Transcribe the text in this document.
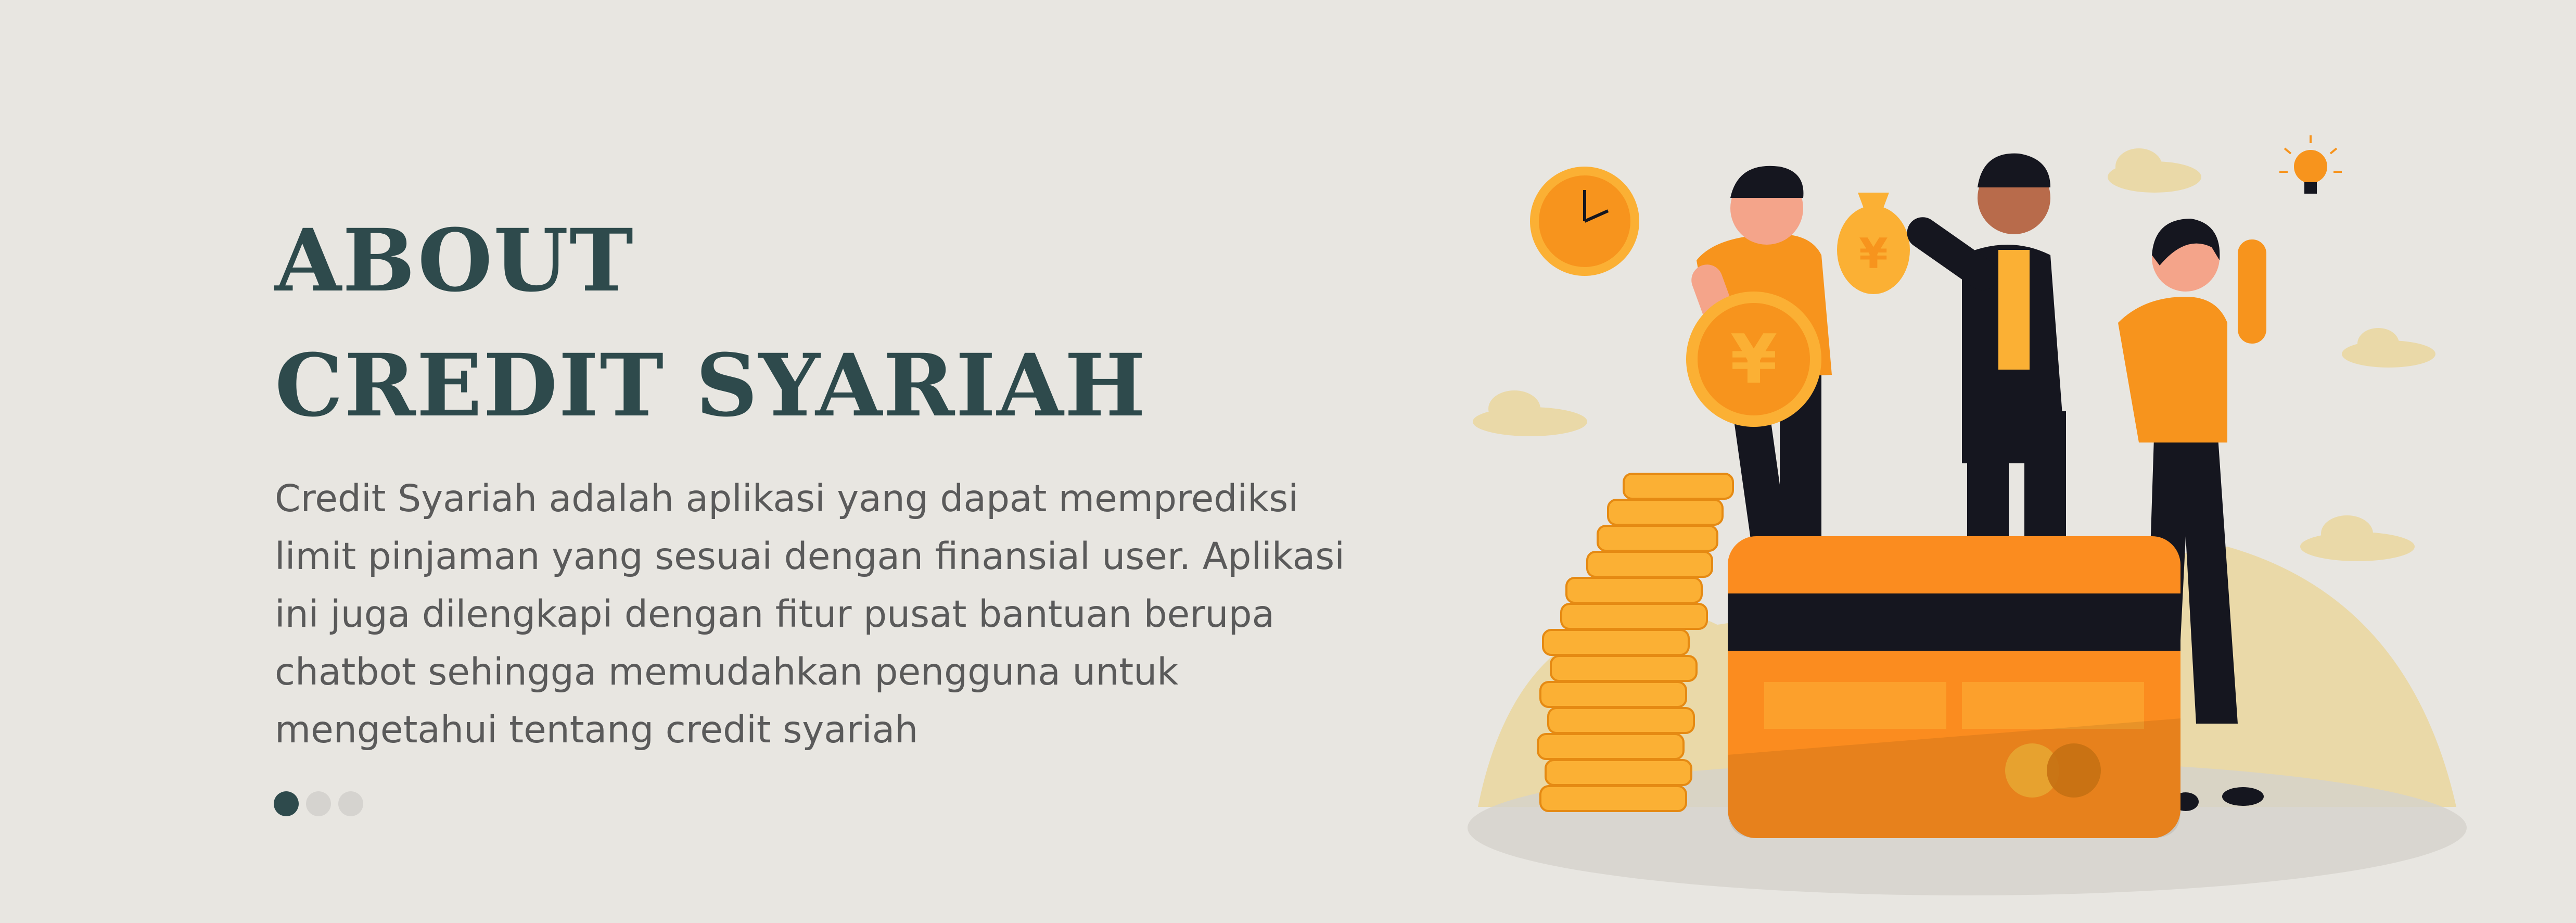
ABOUT
CREDIT SYARIAH
Credit Syariah adalah aplikasi yang dapat memprediksi
limit pinjaman yang sesuai dengan finansial user. Aplikasi
ini juga dilengkapi dengan fitur pusat bantuan berupa
chatbot sehingga memudahkan pengguna untuk
mengetahui tentang credit syariah
¥
¥
